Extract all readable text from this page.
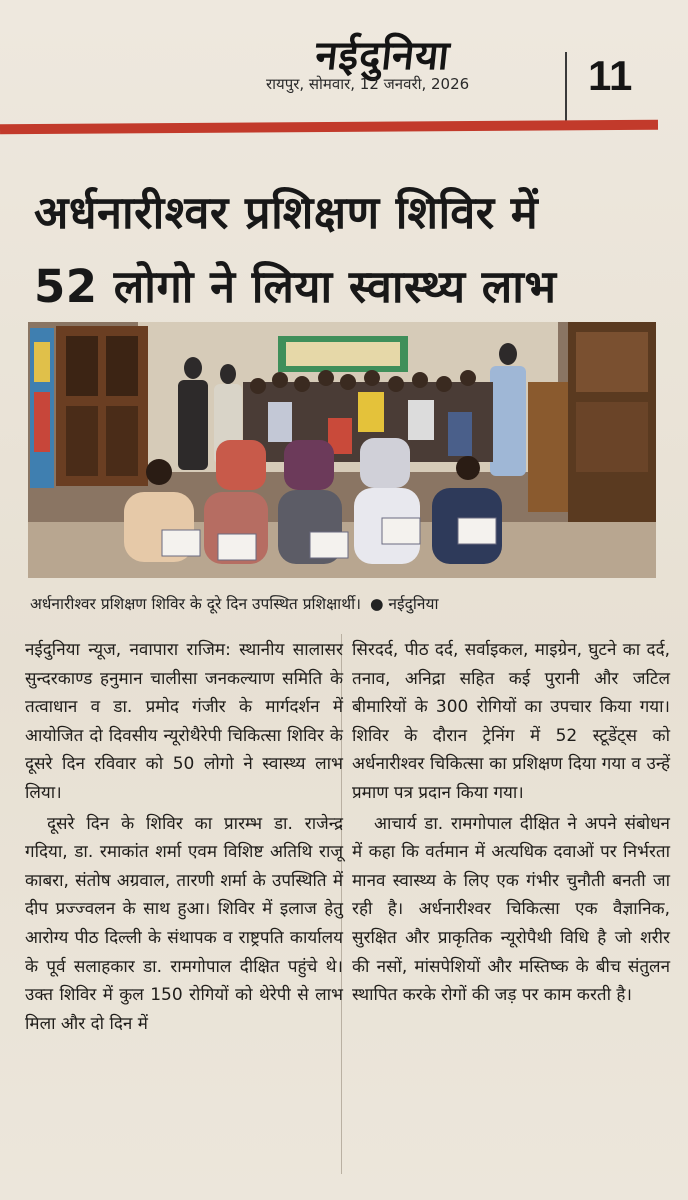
नईदुनिया
रायपुर, सोमवार, 12 जनवरी, 2026	11
अर्धनारीश्वर प्रशिक्षण शिविर में
52 लोगो ने लिया स्वास्थ्य लाभ
अर्धनारीश्वर प्रशिक्षण शिविर के दूरे दिन उपस्थित प्रशिक्षार्थी। ● नईदुनिया

नईदुनिया न्यूज, नवापारा राजिम: स्थानीय सालासर सुन्दरकाण्ड हनुमान चालीसा जनकल्याण समिति के तत्वाधान व डा. प्रमोद गंजीर के मार्गदर्शन में आयोजित दो दिवसीय न्यूरोथैरेपी चिकित्सा शिविर के दूसरे दिन रविवार को 50 लोगो ने स्वास्थ्य लाभ लिया।

दूसरे दिन के शिविर का प्रारम्भ डा. राजेन्द्र गदिया, डा. रमाकांत शर्मा एवम विशिष्ट अतिथि राजू काबरा, संतोष अग्रवाल, तारणी शर्मा के उपस्थिति में दीप प्रज्ज्वलन के साथ हुआ। शिविर में इलाज हेतु आरोग्य पीठ दिल्ली के संथापक व राष्ट्रपति कार्यालय के पूर्व सलाहकार डा. रामगोपाल दीक्षित पहुंचे थे। उक्त शिविर में कुल 150 रोगियों को थेरेपी से लाभ मिला और दो दिन में

सिरदर्द, पीठ दर्द, सर्वाइकल, माइग्रेन, घुटने का दर्द, तनाव, अनिद्रा सहित कई पुरानी और जटिल बीमारियों के 300 रोगियों का उपचार किया गया। शिविर के दौरान ट्रेनिंग में 52 स्टूडेंट्स को अर्धनारीश्वर चिकित्सा का प्रशिक्षण दिया गया व उन्हें प्रमाण पत्र प्रदान किया गया।

आचार्य डा. रामगोपाल दीक्षित ने अपने संबोधन में कहा कि वर्तमान में अत्यधिक दवाओं पर निर्भरता मानव स्वास्थ्य के लिए एक गंभीर चुनौती बनती जा रही है। अर्धनारीश्वर चिकित्सा एक वैज्ञानिक, सुरक्षित और प्राकृतिक न्यूरोपैथी विधि है जो शरीर की नसों, मांसपेशियों और मस्तिष्क के बीच संतुलन स्थापित करके रोगों की जड़ पर काम करती है।
